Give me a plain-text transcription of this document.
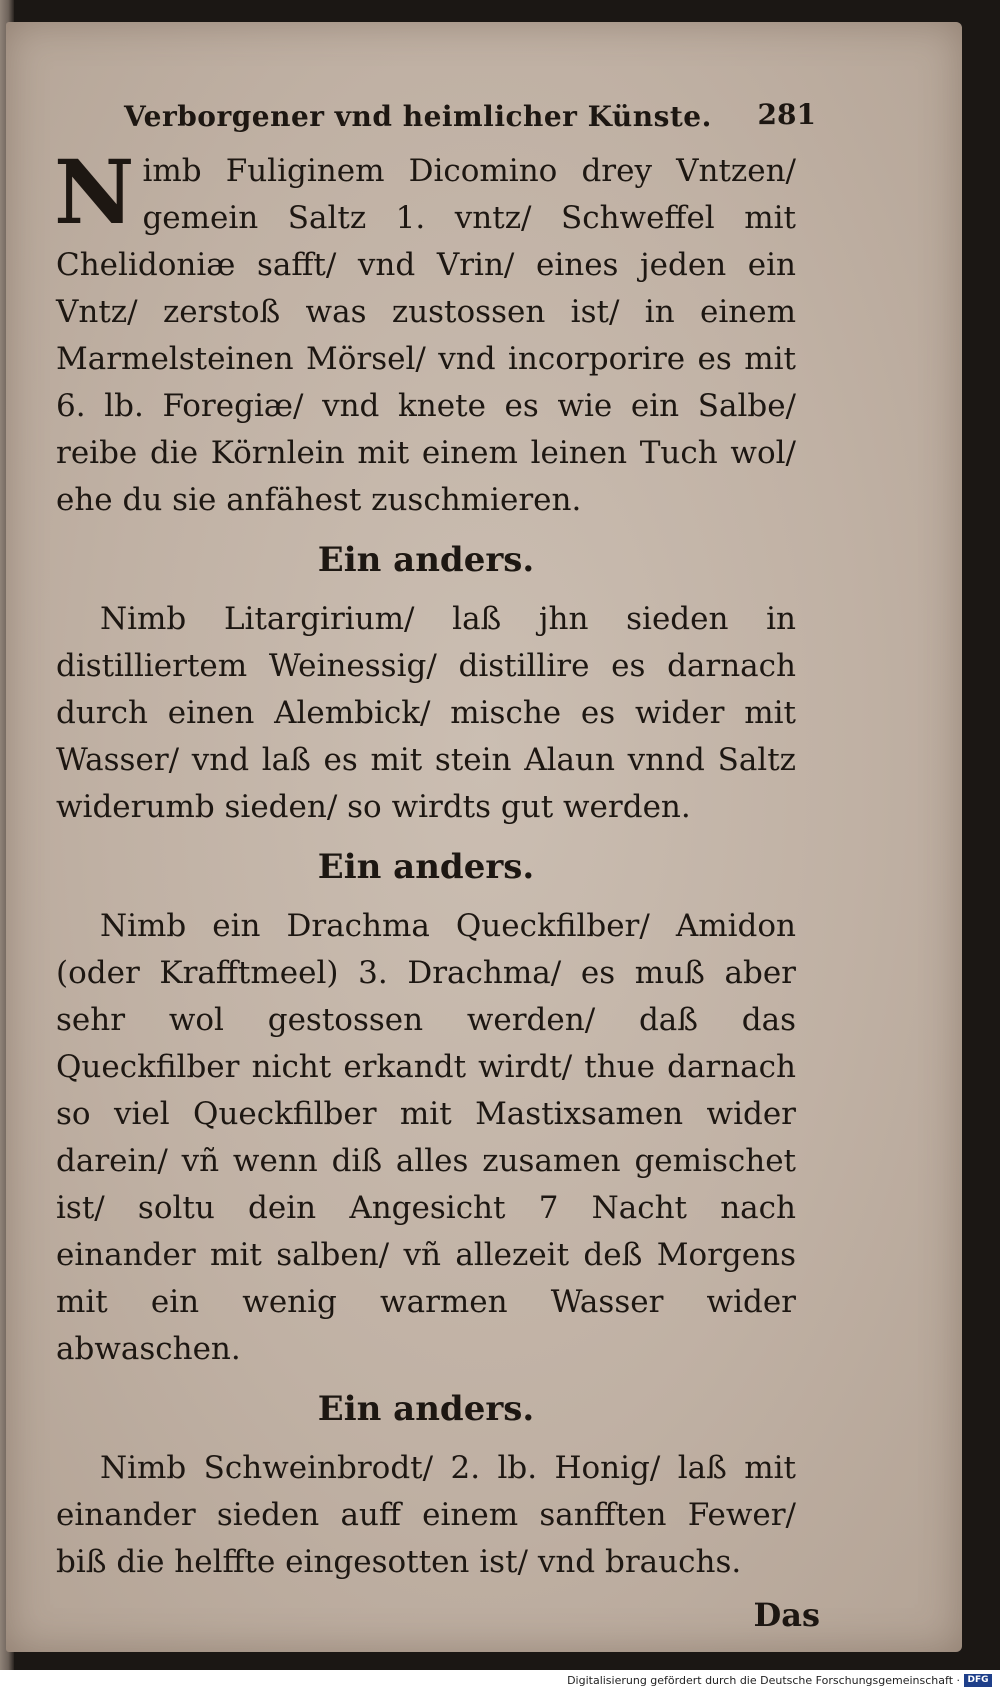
Verborgener vnd heimlicher Künste. 281

Nimb Fuliginem Dicomino drey Vntzen/ gemein Saltz 1. vntz/ Schweffel mit Chelidoniæ safft/ vnd Vrin/ eines jeden ein Vntz/ zerstoß was zustossen ist/ in einem Marmelsteinen Mörsel/ vnd incorporire es mit 6. lb. Foregiæ/ vnd knete es wie ein Salbe/ reibe die Körnlein mit einem leinen Tuch wol/ ehe du sie anfähest zuschmieren.

Ein anders.

Nimb Litargirium/ laß jhn sieden in distilliertem Weinessig/ distillire es darnach durch einen Alembick/ mische es wider mit Wasser/ vnd laß es mit stein Alaun vnnd Saltz widerumb sieden/ so wirdts gut werden.

Ein anders.

Nimb ein Drachma Queckfilber/ Amidon (oder Krafftmeel) 3. Drachma/ es muß aber sehr wol gestossen werden/ daß das Queckfilber nicht erkandt wirdt/ thue darnach so viel Queckfilber mit Mastixsamen wider darein/ vñ wenn diß alles zusamen gemischet ist/ soltu dein Angesicht 7 Nacht nach einander mit salben/ vñ allezeit deß Morgens mit ein wenig warmen Wasser wider abwaschen.

Ein anders.

Nimb Schweinbrodt/ 2. lb. Honig/ laß mit einander sieden auff einem sanfften Fewer/ biß die helffte eingesotten ist/ vnd brauchs.

Das
Digitalisierung gefördert durch die Deutsche Forschungsgemeinschaft · DFG
